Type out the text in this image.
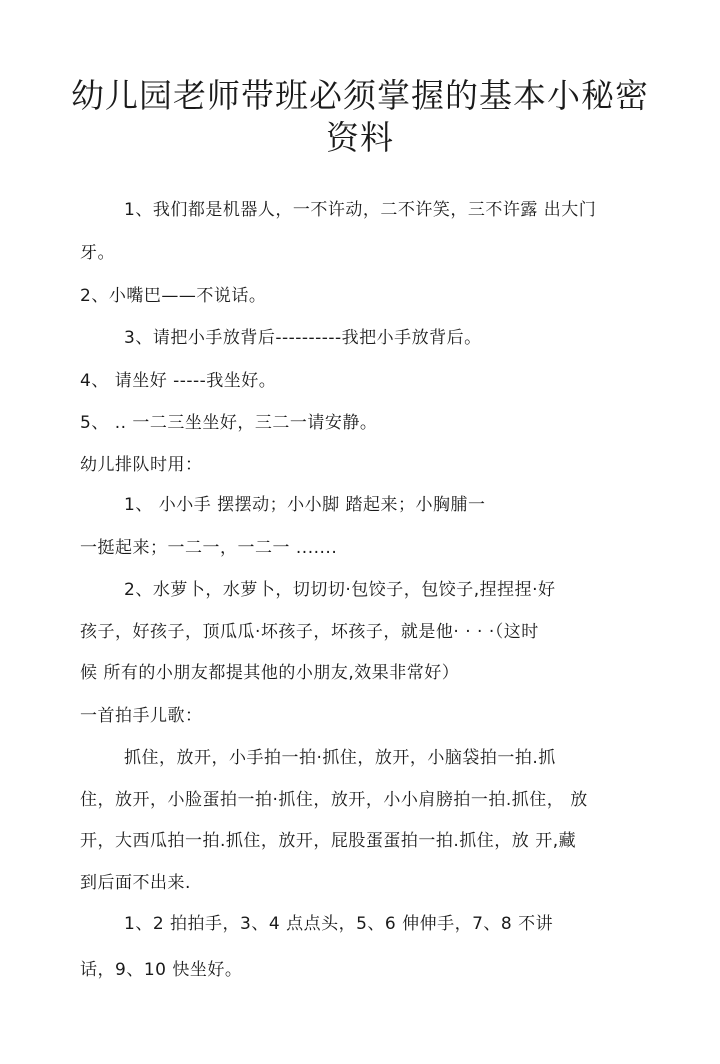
幼儿园老师带班必须掌握的基本小秘密
资料
1、我们都是机器人，一不许动，二不许笑，三不许露 出大门
牙。
2、小嘴巴——不说话。
3、请把小手放背后----------我把小手放背后。
4、 请坐好 -----我坐好。
5、 .. 一二三坐坐好，三二一请安静。
幼儿排队时用：
1、 小小手 摆摆动；小小脚 踏起来；小胸脯一
一挺起来；一二一，一二一 .......
2、水萝卜，水萝卜，切切切·包饺子，包饺子,捏捏捏·好
孩子，好孩子，顶瓜瓜·坏孩子，坏孩子，就是他· · · ·（这时
候 所有的小朋友都提其他的小朋友,效果非常好）
一首拍手儿歌：
抓住，放开，小手拍一拍·抓住，放开，小脑袋拍一拍.抓
住，放开，小脸蛋拍一拍·抓住，放开，小小肩膀拍一拍.抓住， 放
开，大西瓜拍一拍.抓住，放开，屁股蛋蛋拍一拍.抓住，放 开,藏
到后面不出来.
1、2 拍拍手，3、4 点点头，5、6 伸伸手，7、8 不讲
话，9、10 快坐好。
